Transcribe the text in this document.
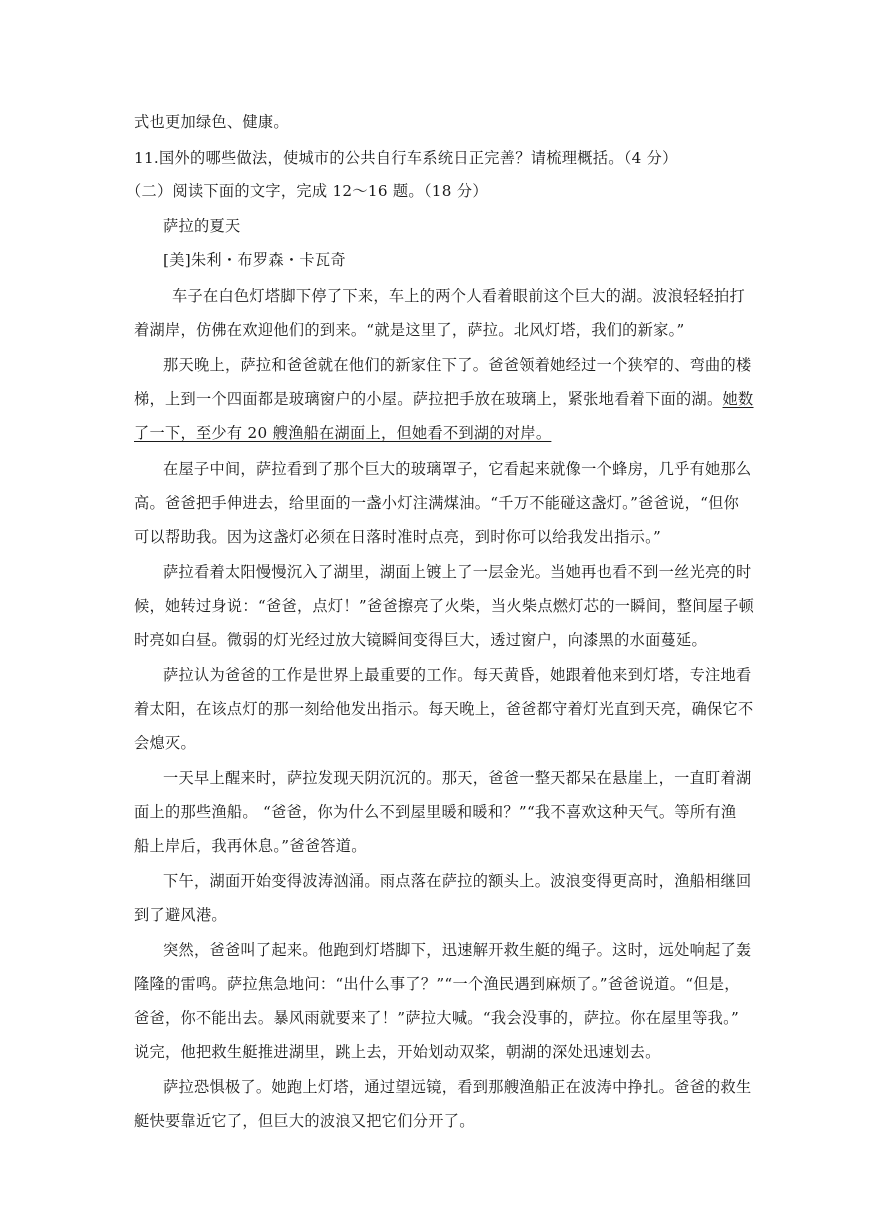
式也更加绿色、健康。
11.国外的哪些做法，使城市的公共自行车系统日正完善？请梳理概括。（4 分）
（二）阅读下面的文字，完成 12～16 题。（18 分）
萨拉的夏天
[美]朱利・布罗森・卡瓦奇
车子在白色灯塔脚下停了下来，车上的两个人看着眼前这个巨大的湖。波浪轻轻拍打
着湖岸，仿佛在欢迎他们的到来。“就是这里了，萨拉。北风灯塔，我们的新家。”
那天晚上，萨拉和爸爸就在他们的新家住下了。爸爸领着她经过一个狭窄的、弯曲的楼
梯，上到一个四面都是玻璃窗户的小屋。萨拉把手放在玻璃上，紧张地看着下面的湖。她数
了一下，至少有 20 艘渔船在湖面上，但她看不到湖的对岸。
在屋子中间，萨拉看到了那个巨大的玻璃罩子，它看起来就像一个蜂房，几乎有她那么
高。爸爸把手伸进去，给里面的一盏小灯注满煤油。“千万不能碰这盏灯。”爸爸说，“但你
可以帮助我。因为这盏灯必须在日落时准时点亮，到时你可以给我发出指示。”
萨拉看着太阳慢慢沉入了湖里，湖面上镀上了一层金光。当她再也看不到一丝光亮的时
候，她转过身说：“爸爸，点灯！”爸爸擦亮了火柴，当火柴点燃灯芯的一瞬间，整间屋子顿
时亮如白昼。微弱的灯光经过放大镜瞬间变得巨大，透过窗户，向漆黑的水面蔓延。
萨拉认为爸爸的工作是世界上最重要的工作。每天黄昏，她跟着他来到灯塔，专注地看
着太阳，在该点灯的那一刻给他发出指示。每天晚上，爸爸都守着灯光直到天亮，确保它不
会熄灭。
一天早上醒来时，萨拉发现天阴沉沉的。那天，爸爸一整天都呆在悬崖上，一直盯着湖
面上的那些渔船。 “爸爸，你为什么不到屋里暖和暖和？”“我不喜欢这种天气。等所有渔
船上岸后，我再休息。”爸爸答道。
下午，湖面开始变得波涛汹涌。雨点落在萨拉的额头上。波浪变得更高时，渔船相继回
到了避风港。
突然，爸爸叫了起来。他跑到灯塔脚下，迅速解开救生艇的绳子。这时，远处响起了轰
隆隆的雷鸣。萨拉焦急地问：“出什么事了？”“一个渔民遇到麻烦了。”爸爸说道。“但是，
爸爸，你不能出去。暴风雨就要来了！”萨拉大喊。“我会没事的，萨拉。你在屋里等我。”
说完，他把救生艇推进湖里，跳上去，开始划动双桨，朝湖的深处迅速划去。
萨拉恐惧极了。她跑上灯塔，通过望远镜，看到那艘渔船正在波涛中挣扎。爸爸的救生
艇快要靠近它了，但巨大的波浪又把它们分开了。
